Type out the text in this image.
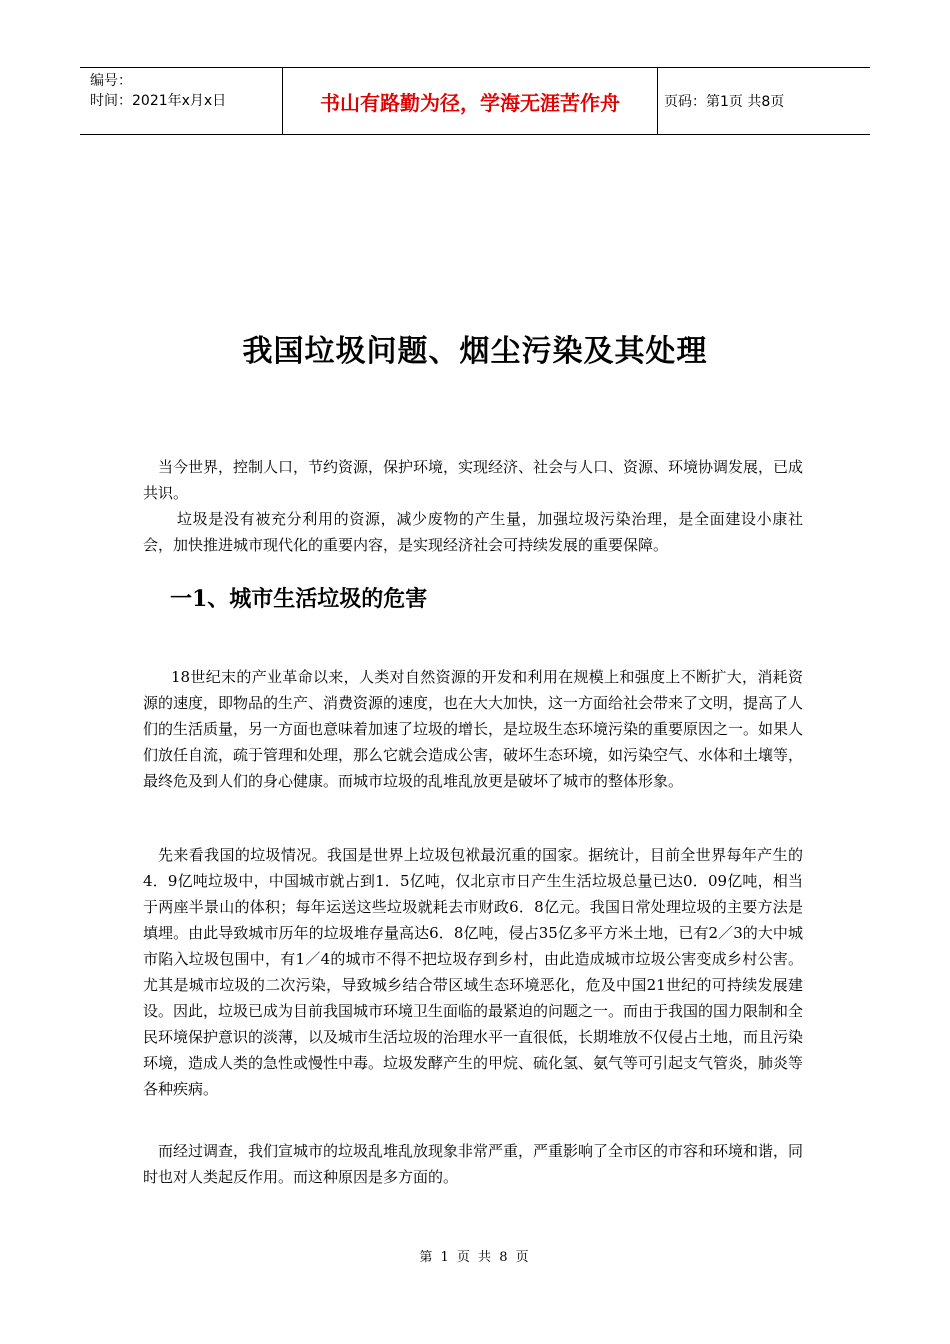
编号：
时间：2021年x月x日	书山有路勤为径，学海无涯苦作舟	页码：第1页 共8页
我国垃圾问题、烟尘污染及其处理

当今世界，控制人口，节约资源，保护环境，实现经济、社会与人口、资源、环境协调发展，已成共识。

垃圾是没有被充分利用的资源，减少废物的产生量，加强垃圾污染治理，是全面建设小康社会，加快推进城市现代化的重要内容，是实现经济社会可持续发展的重要保障。

一1、城市生活垃圾的危害

18世纪末的产业革命以来，人类对自然资源的开发和利用在规模上和强度上不断扩大，消耗资源的速度，即物品的生产、消费资源的速度，也在大大加快，这一方面给社会带来了文明，提高了人们的生活质量，另一方面也意味着加速了垃圾的增长，是垃圾生态环境污染的重要原因之一。如果人们放任自流，疏于管理和处理，那么它就会造成公害，破坏生态环境，如污染空气、水体和土壤等，最终危及到人们的身心健康。而城市垃圾的乱堆乱放更是破坏了城市的整体形象。

先来看我国的垃圾情况。我国是世界上垃圾包袱最沉重的国家。据统计，目前全世界每年产生的4．9亿吨垃圾中，中国城市就占到1．5亿吨，仅北京市日产生生活垃圾总量已达0．09亿吨，相当于两座半景山的体积；每年运送这些垃圾就耗去市财政6．8亿元。我国日常处理垃圾的主要方法是填埋。由此导致城市历年的垃圾堆存量高达6．8亿吨，侵占35亿多平方米土地，已有2／3的大中城市陷入垃圾包围中，有1／4的城市不得不把垃圾存到乡村，由此造成城市垃圾公害变成乡村公害。尤其是城市垃圾的二次污染，导致城乡结合带区域生态环境恶化，危及中国21世纪的可持续发展建设。因此，垃圾已成为目前我国城市环境卫生面临的最紧迫的问题之一。而由于我国的国力限制和全民环境保护意识的淡薄，以及城市生活垃圾的治理水平一直很低，长期堆放不仅侵占土地，而且污染环境，造成人类的急性或慢性中毒。垃圾发酵产生的甲烷、硫化氢、氨气等可引起支气管炎，肺炎等各种疾病。

而经过调查，我们宣城市的垃圾乱堆乱放现象非常严重，严重影响了全市区的市容和环境和谐，同时也对人类起反作用。而这种原因是多方面的。

第 1 页 共 8 页
